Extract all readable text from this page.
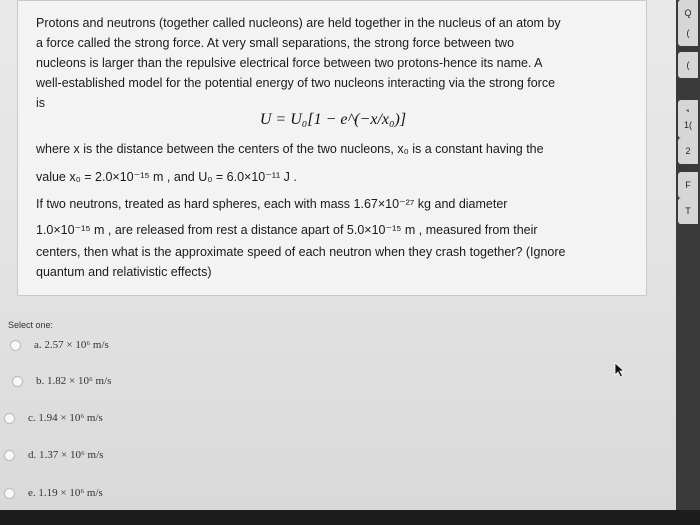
Protons and neutrons (together called nucleons) are held together in the nucleus of an atom by

a force called the strong force. At very small separations, the strong force between two

nucleons is larger than the repulsive electrical force between two protons-hence its name. A

well-established model for the potential energy of two nucleons interacting via the strong force

is

U = U₀[1 − e^(−x/x₀)]

where x is the distance between the centers of the two nucleons, x₀ is a constant having the

value x₀ = 2.0×10⁻¹⁵ m , and U₀ = 6.0×10⁻¹¹ J .

If two neutrons, treated as hard spheres, each with mass 1.67×10⁻²⁷ kg and diameter

1.0×10⁻¹⁵ m , are released from rest a distance apart of 5.0×10⁻¹⁵ m , measured from their

centers, then what is the approximate speed of each neutron when they crash together? (Ignore

quantum and relativistic effects)

Select one:
a. 2.57 × 10⁶ m/s
b. 1.82 × 10⁶ m/s
c. 1.94 × 10⁶ m/s
d. 1.37 × 10⁶ m/s
e. 1.19 × 10⁶ m/s
Q
(
(
1(
2
F
T
